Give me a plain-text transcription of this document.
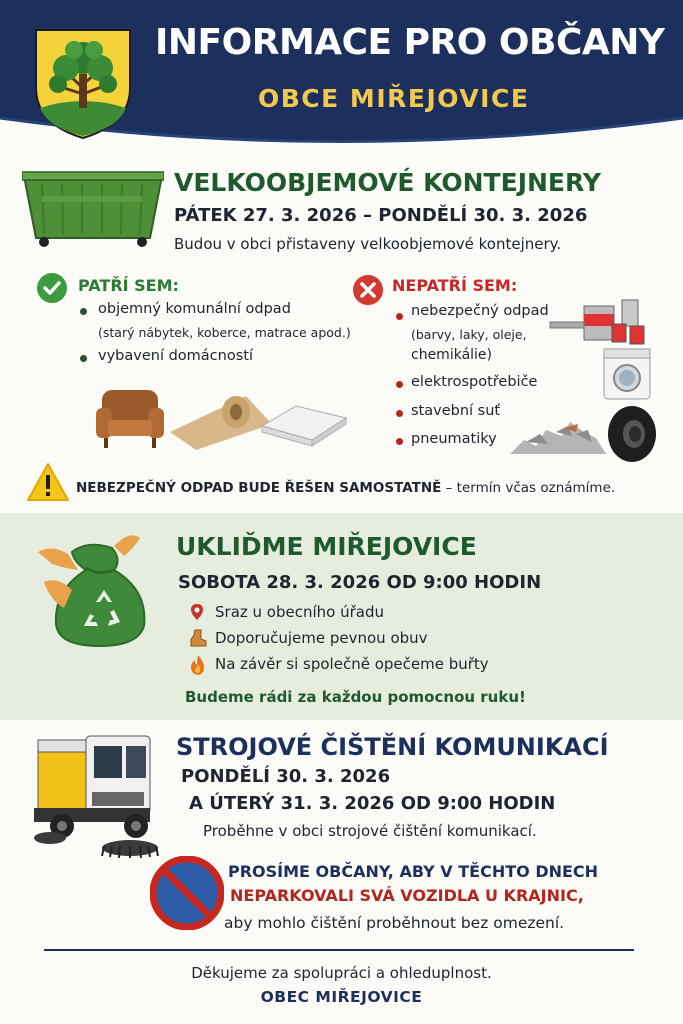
INFORMACE PRO OBČANY
OBCE MIŘEJOVICE
VELKOOBJEMOVÉ KONTEJNERY
PÁTEK 27. 3. 2026 – PONDĚLÍ 30. 3. 2026
Budou v obci přistaveny velkoobjemové kontejnery.
PATŘÍ SEM:
objemný komunální odpad
(starý nábytek, koberce, matrace apod.)
vybavení domácností
NEPATŘÍ SEM:
nebezpečný odpad
(barvy, laky, oleje,
chemikálie)
elektrospotřebiče
stavební suť
pneumatiky
NEBEZPEČNÝ ODPAD BUDE ŘEŠEN SAMOSTATNĚ – termín včas oznámíme.
UKLIĎME MIŘEJOVICE
SOBOTA 28. 3. 2026 OD 9:00 HODIN
Sraz u obecního úřadu
Doporučujeme pevnou obuv
Na závěr si společně opečeme buřty
Budeme rádi za každou pomocnou ruku!
STROJOVÉ ČIŠTĚNÍ KOMUNIKACÍ
PONDĚLÍ 30. 3. 2026
A ÚTERÝ 31. 3. 2026 OD 9:00 HODIN
Proběhne v obci strojové čištění komunikací.
PROSÍME OBČANY, ABY V TĚCHTO DNECH
NEPARKOVALI SVÁ VOZIDLA U KRAJNIC,
aby mohlo čištění proběhnout bez omezení.
Děkujeme za spolupráci a ohleduplnost.
OBEC MIŘEJOVICE
